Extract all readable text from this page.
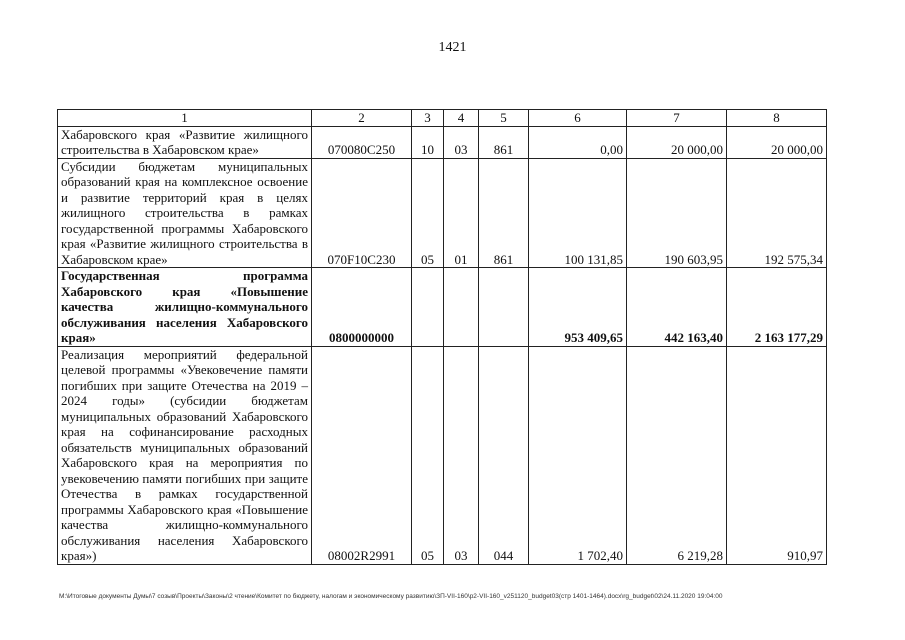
1421
1	2	3	4	5	6	7	8
Хабаровского края «Развитие жилищного строительства в Хабаровском крае»	070080С250	10	03	861	0,00	20 000,00	20 000,00
Субсидии бюджетам муниципальных образований края на комплексное освоение и развитие территорий края в целях жилищного строительства в рамках государственной программы Хабаровского края «Развитие жилищного строительства в Хабаровском крае»	070F10С230	05	01	861	100 131,85	190 603,95	192 575,34
Государственная программа Хабаровского края «Повышение качества жилищно-коммунального обслуживания населения Хабаровского края»	0800000000				953 409,65	442 163,40	2 163 177,29
Реализация мероприятий федеральной целевой программы «Увековечение памяти погибших при защите Отечества на 2019 – 2024 годы» (субсидии бюджетам муниципальных образований Хабаровского края на софинансирование расходных обязательств муниципальных образований Хабаровского края на мероприятия по увековечению памяти погибших при защите Отечества в рамках государственной программы Хабаровского края «Повышение качества жилищно-коммунального обслуживания населения Хабаровского края»)	08002R2991	05	03	044	1 702,40	6 219,28	910,97
M:\Итоговые документы Думы\7 созыв\Проекты\Законы\2 чтение\Комитет по бюджету, налогам и экономическому развитию\ЗП-VII-160\р2-VII-160_v251120_budget03(стр 1401-1464).docx\rg_budget\02\24.11.2020 19:04:00
